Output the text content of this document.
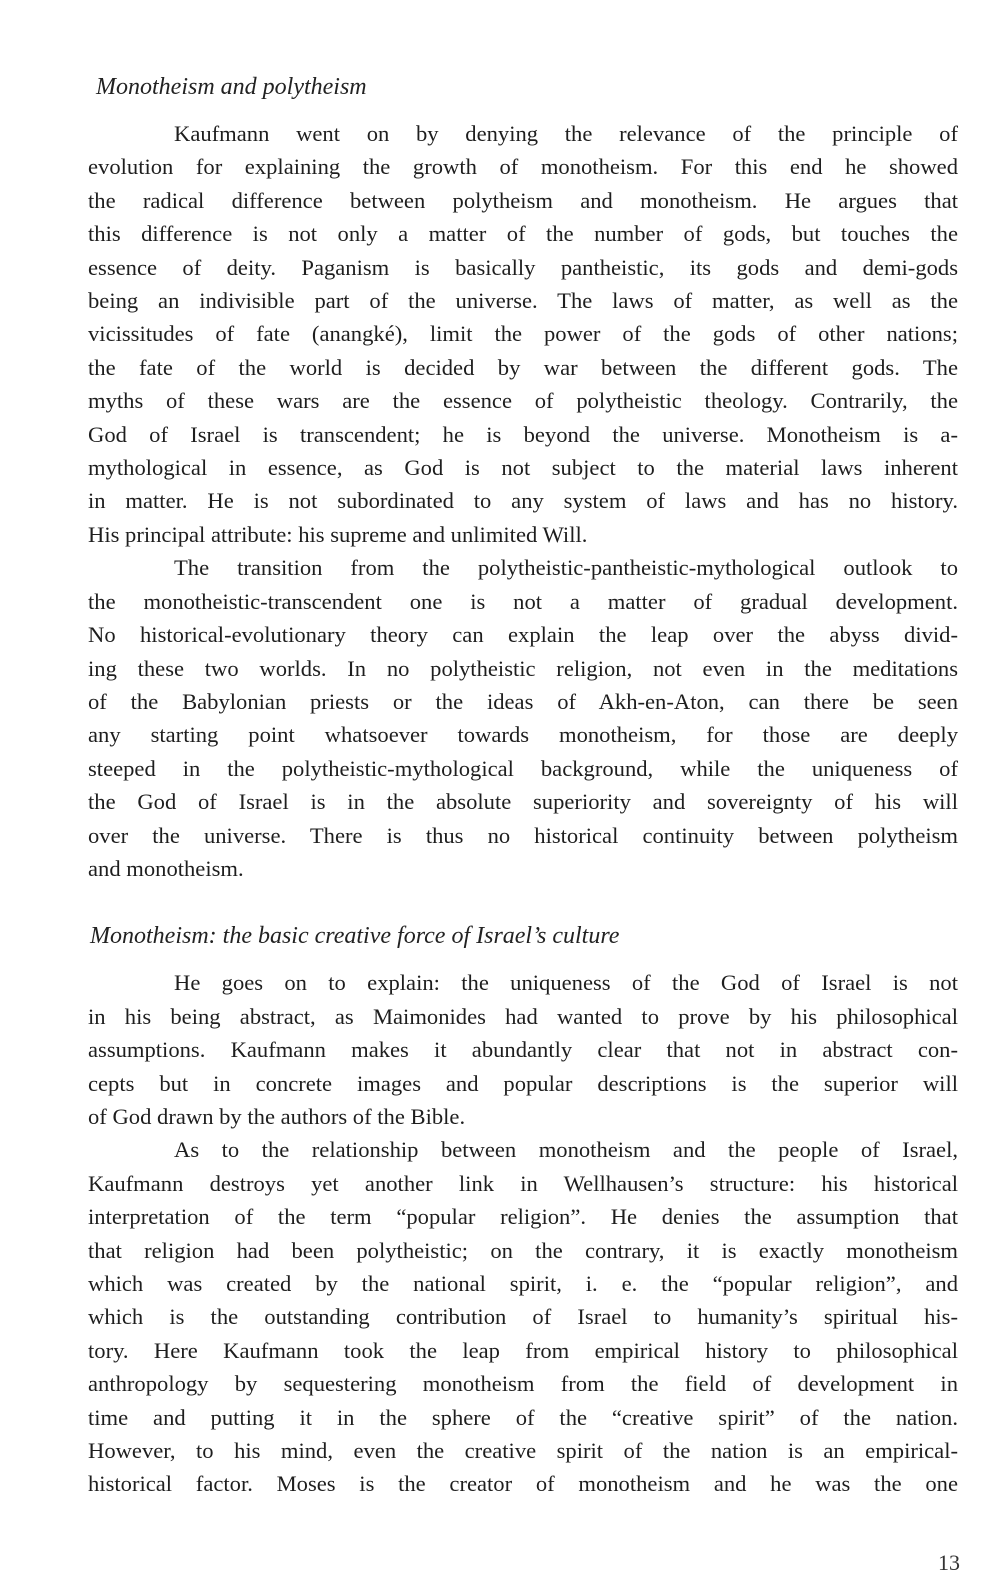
Monotheism and polytheism

Kaufmann went on by denying the relevance of the principle of
evolution for explaining the growth of monotheism. For this end he showed
the radical difference between polytheism and monotheism. He argues that
this difference is not only a matter of the number of gods, but touches the
essence of deity. Paganism is basically pantheistic, its gods and demi-gods
being an indivisible part of the universe. The laws of matter, as well as the
vicissitudes of fate (anangké), limit the power of the gods of other nations;
the fate of the world is decided by war between the different gods. The
myths of these wars are the essence of polytheistic theology. Contrarily, the
God of Israel is transcendent; he is beyond the universe. Monotheism is a-
mythological in essence, as God is not subject to the material laws inherent
in matter. He is not subordinated to any system of laws and has no history.
His principal attribute: his supreme and unlimited Will.

The transition from the polytheistic-pantheistic-mythological outlook to
the monotheistic-transcendent one is not a matter of gradual development.
No historical-evolutionary theory can explain the leap over the abyss divid-
ing these two worlds. In no polytheistic religion, not even in the meditations
of the Babylonian priests or the ideas of Akh-en-Aton, can there be seen
any starting point whatsoever towards monotheism, for those are deeply
steeped in the polytheistic-mythological background, while the uniqueness of
the God of Israel is in the absolute superiority and sovereignty of his will
over the universe. There is thus no historical continuity between polytheism
and monotheism.

Monotheism: the basic creative force of Israel’s culture

He goes on to explain: the uniqueness of the God of Israel is not
in his being abstract, as Maimonides had wanted to prove by his philosophical
assumptions. Kaufmann makes it abundantly clear that not in abstract con-
cepts but in concrete images and popular descriptions is the superior will
of God drawn by the authors of the Bible.

As to the relationship between monotheism and the people of Israel,
Kaufmann destroys yet another link in Wellhausen’s structure: his historical
interpretation of the term “popular religion”. He denies the assumption that
that religion had been polytheistic; on the contrary, it is exactly monotheism
which was created by the national spirit, i. e. the “popular religion”, and
which is the outstanding contribution of Israel to humanity’s spiritual his-
tory. Here Kaufmann took the leap from empirical history to philosophical
anthropology by sequestering monotheism from the field of development in
time and putting it in the sphere of the “creative spirit” of the nation.
However, to his mind, even the creative spirit of the nation is an empirical-
historical factor. Moses is the creator of monotheism and he was the one

13
